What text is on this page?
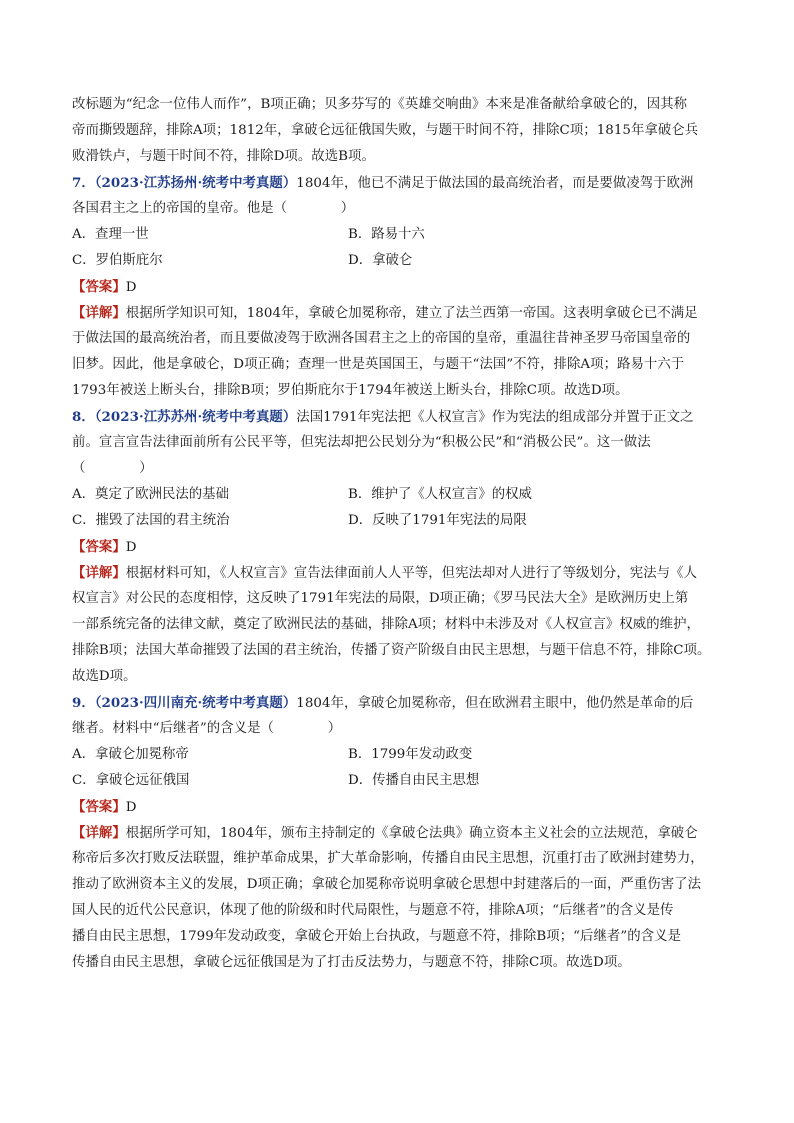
改标题为“纪念一位伟人而作”，B项正确；贝多芬写的《英雄交响曲》本来是准备献给拿破仑的，因其称
帝而撕毁题辞，排除A项；1812年，拿破仑远征俄国失败，与题干时间不符，排除C项；1815年拿破仑兵
败滑铁卢，与题干时间不符，排除D项。故选B项。
7．（2023·江苏扬州·统考中考真题）1804年，他已不满足于做法国的最高统治者，而是要做凌驾于欧洲
各国君主之上的帝国的皇帝。他是（　　　　）
A．查理一世	B．路易十六
C．罗伯斯庇尔	D．拿破仑
【答案】D
【详解】根据所学知识可知，1804年，拿破仑加冕称帝，建立了法兰西第一帝国。这表明拿破仑已不满足
于做法国的最高统治者，而且要做凌驾于欧洲各国君主之上的帝国的皇帝，重温往昔神圣罗马帝国皇帝的
旧梦。因此，他是拿破仑，D项正确；查理一世是英国国王，与题干“法国”不符，排除A项；路易十六于
1793年被送上断头台，排除B项；罗伯斯庇尔于1794年被送上断头台，排除C项。故选D项。
8．（2023·江苏苏州·统考中考真题）法国1791年宪法把《人权宣言》作为宪法的组成部分并置于正文之
前。宣言宣告法律面前所有公民平等，但宪法却把公民划分为“积极公民”和“消极公民”。这一做法
（　　　　）
A．奠定了欧洲民法的基础	B．维护了《人权宣言》的权威
C．摧毁了法国的君主统治	D．反映了1791年宪法的局限
【答案】D
【详解】根据材料可知，《人权宣言》宣告法律面前人人平等，但宪法却对人进行了等级划分，宪法与《人
权宣言》对公民的态度相悖，这反映了1791年宪法的局限，D项正确；《罗马民法大全》是欧洲历史上第
一部系统完备的法律文献，奠定了欧洲民法的基础，排除A项；材料中未涉及对《人权宣言》权威的维护，
排除B项；法国大革命摧毁了法国的君主统治，传播了资产阶级自由民主思想，与题干信息不符，排除C项。
故选D项。
9．（2023·四川南充·统考中考真题）1804年，拿破仑加冕称帝，但在欧洲君主眼中，他仍然是革命的后
继者。材料中“后继者”的含义是（　　　　）
A．拿破仑加冕称帝	B．1799年发动政变
C．拿破仑远征俄国	D．传播自由民主思想
【答案】D
【详解】根据所学可知，1804年，颁布主持制定的《拿破仑法典》确立资本主义社会的立法规范，拿破仑
称帝后多次打败反法联盟，维护革命成果，扩大革命影响，传播自由民主思想，沉重打击了欧洲封建势力，
推动了欧洲资本主义的发展，D项正确；拿破仑加冕称帝说明拿破仑思想中封建落后的一面，严重伤害了法
国人民的近代公民意识，体现了他的阶级和时代局限性，与题意不符，排除A项；“后继者”的含义是传
播自由民主思想，1799年发动政变，拿破仑开始上台执政，与题意不符，排除B项；“后继者”的含义是
传播自由民主思想，拿破仑远征俄国是为了打击反法势力，与题意不符，排除C项。故选D项。
